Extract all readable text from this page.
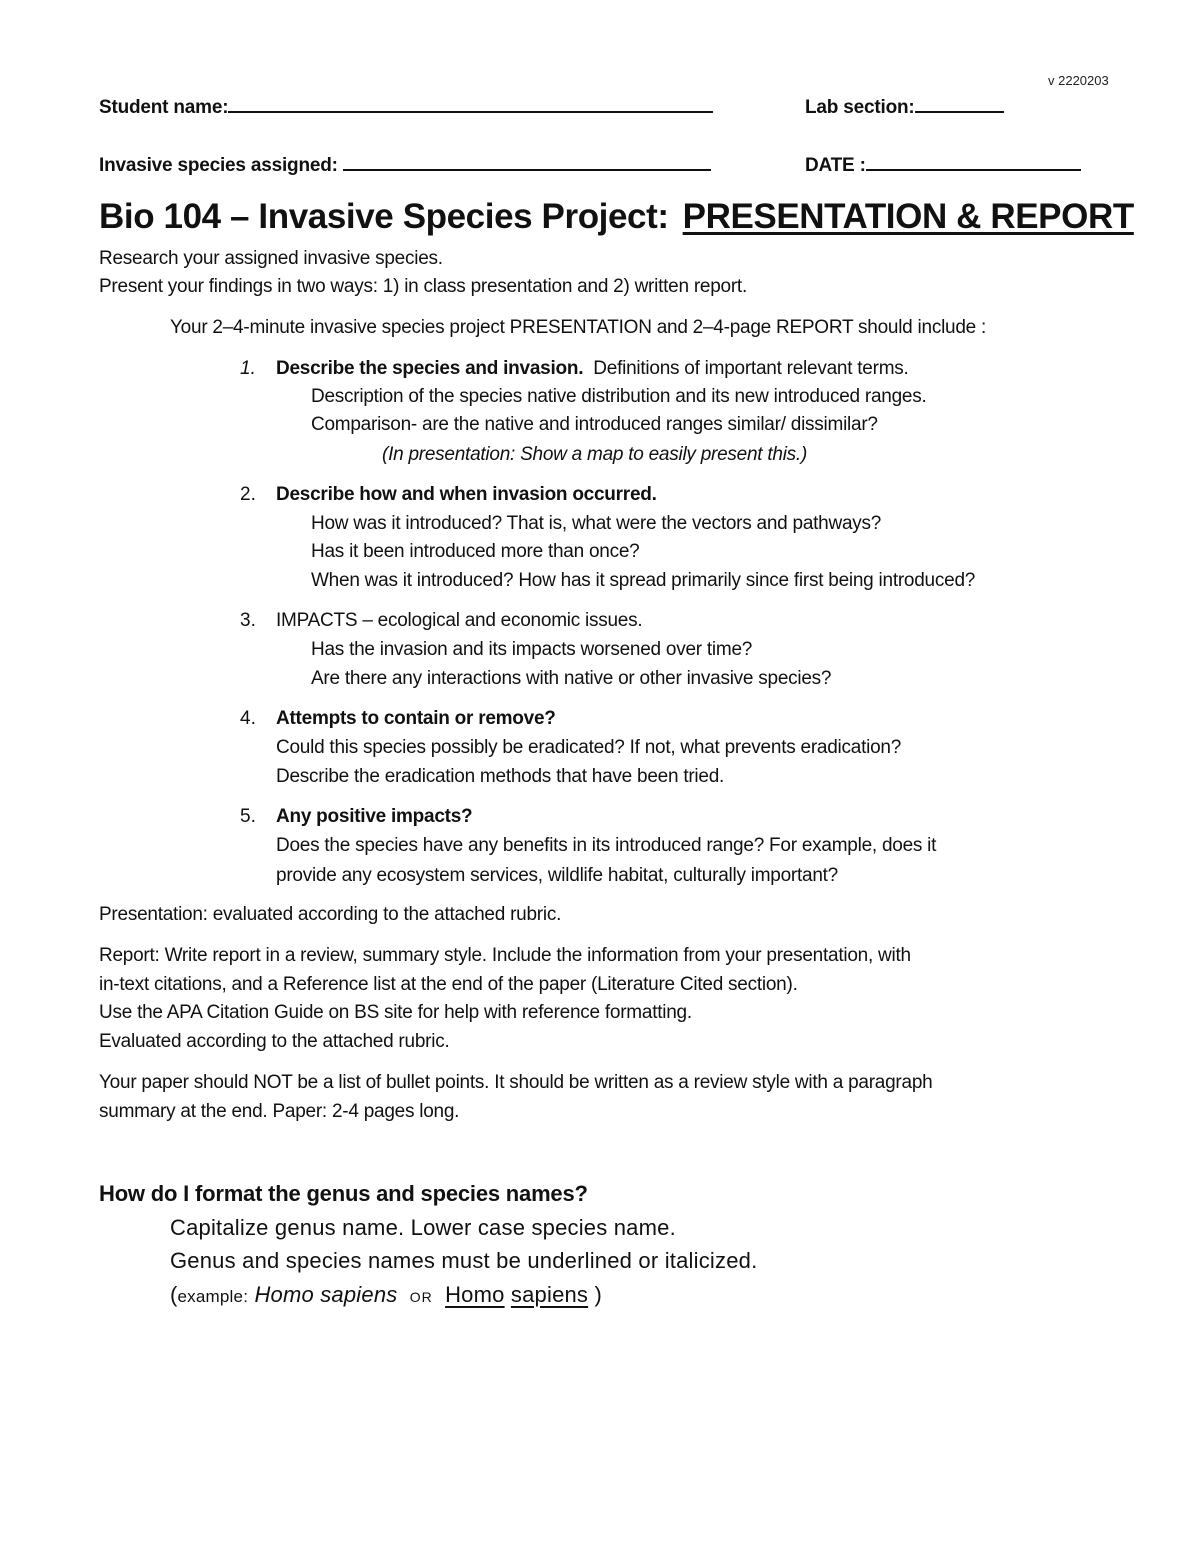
v 2220203
Student name:	Lab section:
Invasive species assigned:	DATE :
Bio 104 – Invasive Species Project: PRESENTATION & REPORT
Research your assigned invasive species.
Present your findings in two ways: 1) in class presentation and 2) written report.
Your 2–4-minute invasive species project PRESENTATION and 2–4-page REPORT should include :
1. Describe the species and invasion.  Definitions of important relevant terms.
Description of the species native distribution and its new introduced ranges.
Comparison- are the native and introduced ranges similar/ dissimilar?
(In presentation: Show a map to easily present this.)
2. Describe how and when invasion occurred.
How was it introduced? That is, what were the vectors and pathways?
Has it been introduced more than once?
When was it introduced? How has it spread primarily since first being introduced?
3. IMPACTS – ecological and economic issues.
Has the invasion and its impacts worsened over time?
Are there any interactions with native or other invasive species?
4. Attempts to contain or remove?
Could this species possibly be eradicated? If not, what prevents eradication?
Describe the eradication methods that have been tried.
5. Any positive impacts?
Does the species have any benefits in its introduced range? For example, does it
provide any ecosystem services, wildlife habitat, culturally important?
Presentation: evaluated according to the attached rubric.
Report: Write report in a review, summary style. Include the information from your presentation, with
in-text citations, and a Reference list at the end of the paper (Literature Cited section).
Use the APA Citation Guide on BS site for help with reference formatting.
Evaluated according to the attached rubric.
Your paper should NOT be a list of bullet points. It should be written as a review style with a paragraph
summary at the end. Paper: 2-4 pages long.
How do I format the genus and species names?
Capitalize genus name. Lower case species name.
Genus and species names must be underlined or italicized.
(example: Homo sapiens OR Homo sapiens )
